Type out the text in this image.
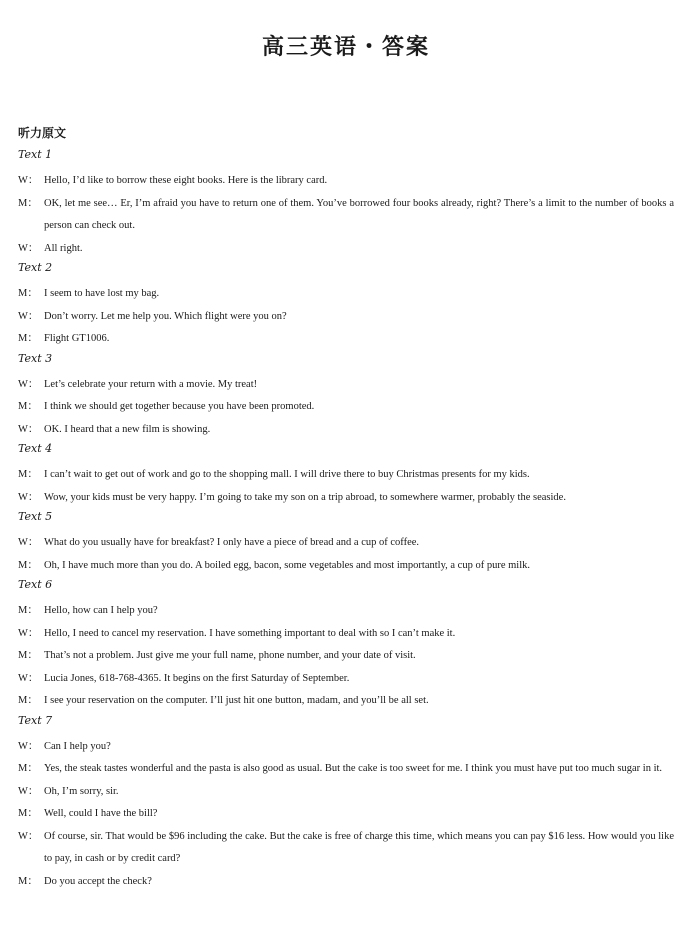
高三英语・答案
听力原文
Text 1

W： Hello, I’d like to borrow these eight books. Here is the library card.

M： OK, let me see… Er, I’m afraid you have to return one of them. You’ve borrowed four books already, right? There’s a limit to the number of books a person can check out.

W： All right.

Text 2

M： I seem to have lost my bag.

W： Don’t worry. Let me help you. Which flight were you on?

M： Flight GT1006.

Text 3

W： Let’s celebrate your return with a movie. My treat!

M： I think we should get together because you have been promoted.

W： OK. I heard that a new film is showing.

Text 4

M： I can’t wait to get out of work and go to the shopping mall. I will drive there to buy Christmas presents for my kids.

W： Wow, your kids must be very happy. I’m going to take my son on a trip abroad, to somewhere warmer, probably the seaside.

Text 5

W： What do you usually have for breakfast? I only have a piece of bread and a cup of coffee.

M： Oh, I have much more than you do. A boiled egg, bacon, some vegetables and most importantly, a cup of pure milk.

Text 6

M： Hello, how can I help you?

W： Hello, I need to cancel my reservation. I have something important to deal with so I can’t make it.

M： That’s not a problem. Just give me your full name, phone number, and your date of visit.

W： Lucia Jones, 618-768-4365. It begins on the first Saturday of September.

M： I see your reservation on the computer. I’ll just hit one button, madam, and you’ll be all set.

Text 7

W： Can I help you?

M： Yes, the steak tastes wonderful and the pasta is also good as usual. But the cake is too sweet for me. I think you must have put too much sugar in it.

W： Oh, I’m sorry, sir.

M： Well, could I have the bill?

W： Of course, sir. That would be $96 including the cake. But the cake is free of charge this time, which means you can pay $16 less. How would you like to pay, in cash or by credit card?

M： Do you accept the check?
